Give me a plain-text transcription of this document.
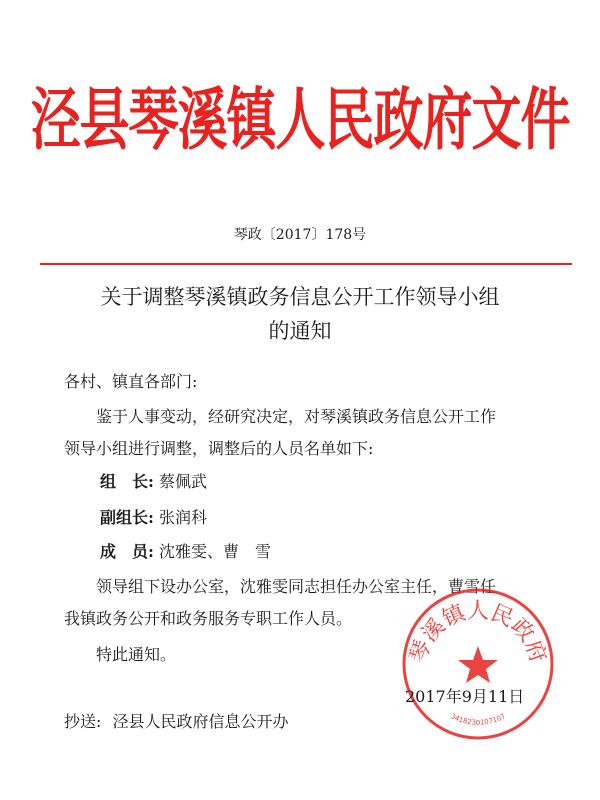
泾县琴溪镇人民政府文件
琴政〔2017〕178号
关于调整琴溪镇政务信息公开工作领导小组
的通知
各村、镇直各部门:
鉴于人事变动，经研究决定，对琴溪镇政务信息公开工作
领导小组进行调整，调整后的人员名单如下:
组　长: 蔡佩武
副组长: 张润科
成　员: 沈雅雯、曹　雪
领导组下设办公室，沈雅雯同志担任办公室主任，曹雪任
我镇政务公开和政务服务专职工作人员。
特此通知。	琴溪镇人民政府
3418230107107
2017年9月11日
抄送: 泾县人民政府信息公开办
